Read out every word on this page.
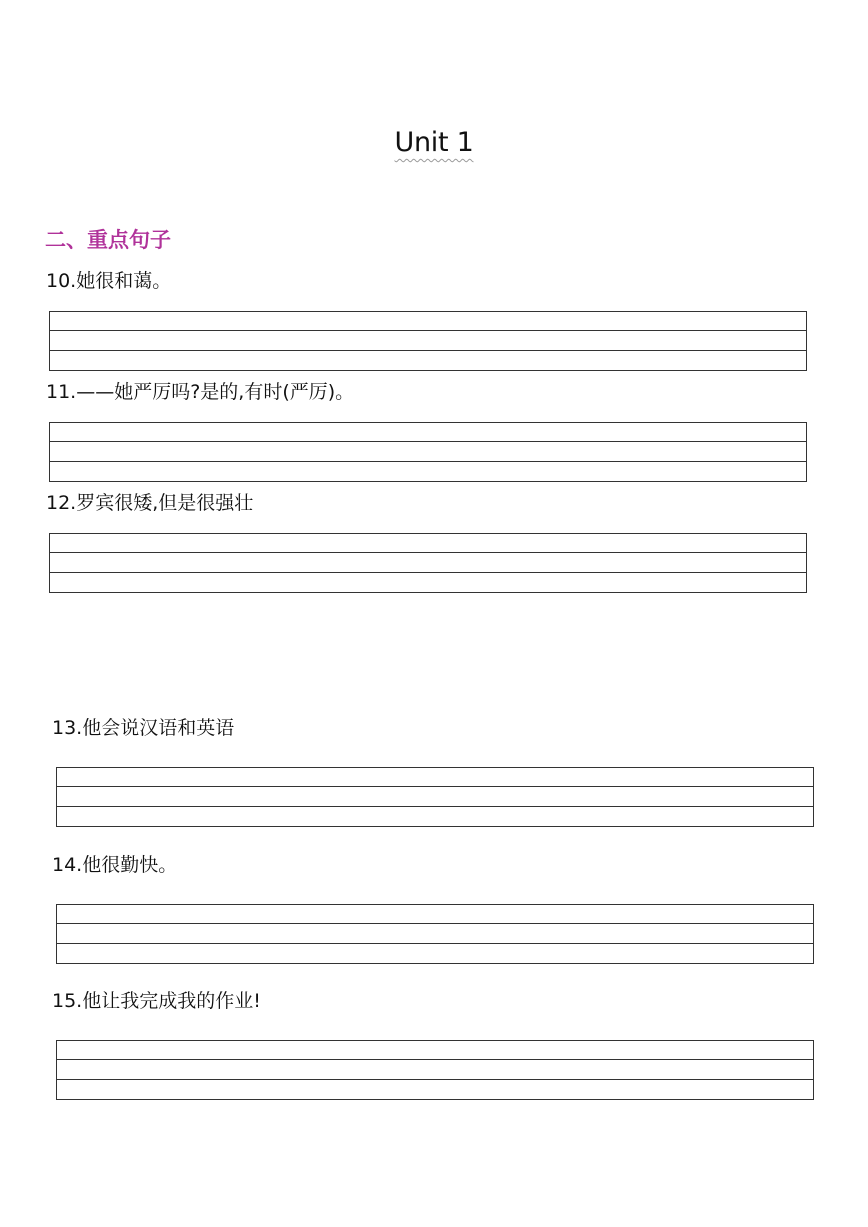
Unit 1
二、重点句子
10.她很和蔼。
11.——她严厉吗?是的,有时(严厉)。
12.罗宾很矮,但是很强壮
13.他会说汉语和英语
14.他很勤快。
15.他让我完成我的作业!
